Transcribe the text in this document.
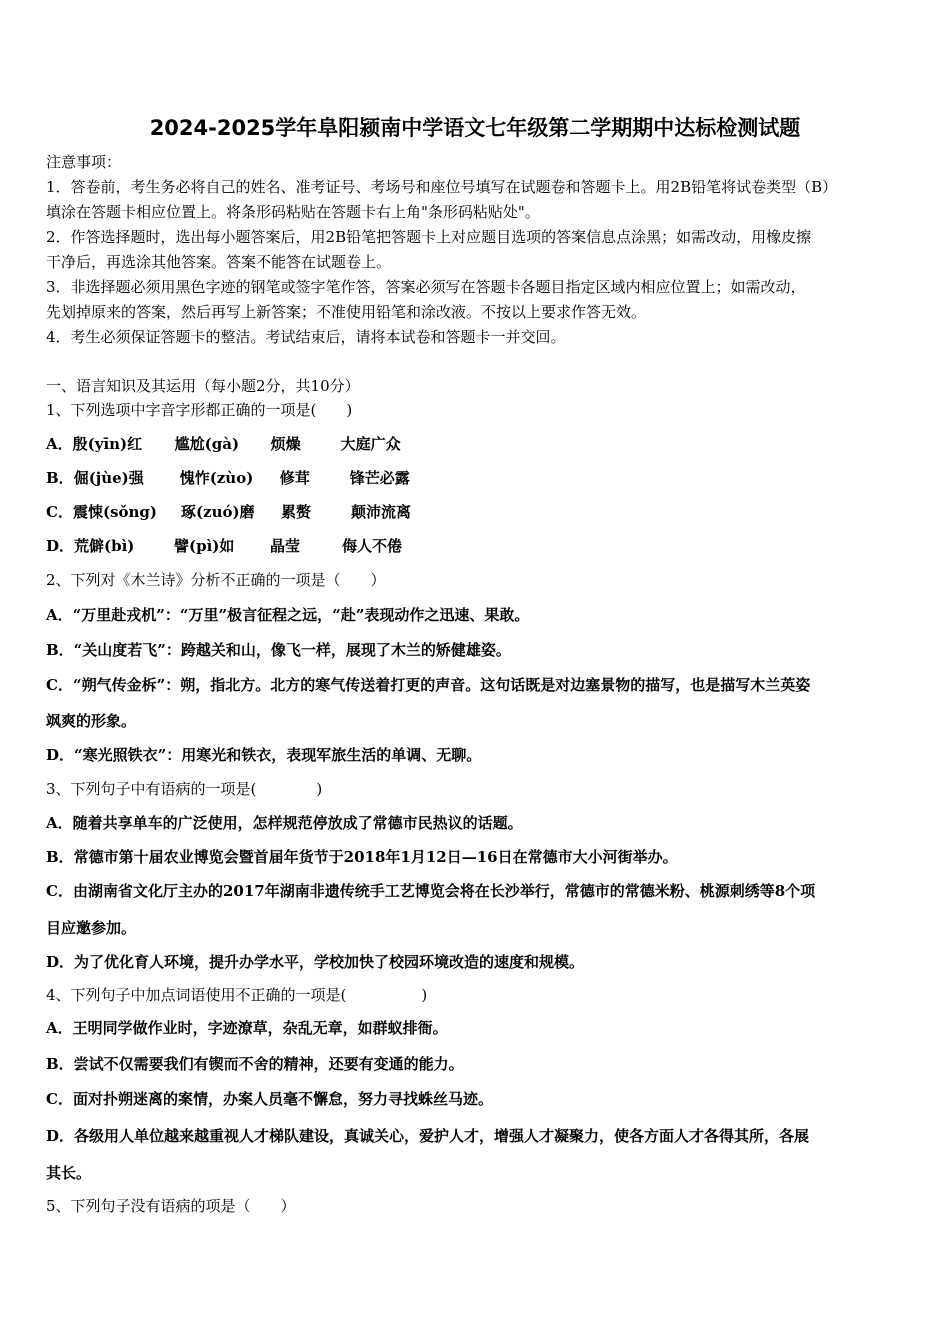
2024-2025学年阜阳颍南中学语文七年级第二学期期中达标检测试题
注意事项：
1．答卷前，考生务必将自己的姓名、准考证号、考场号和座位号填写在试题卷和答题卡上。用2B铅笔将试卷类型（B）
填涂在答题卡相应位置上。将条形码粘贴在答题卡右上角"条形码粘贴处"。
2．作答选择题时，选出每小题答案后，用2B铅笔把答题卡上对应题目选项的答案信息点涂黑；如需改动，用橡皮擦
干净后，再选涂其他答案。答案不能答在试题卷上。
3．非选择题必须用黑色字迹的钢笔或签字笔作答，答案必须写在答题卡各题目指定区域内相应位置上；如需改动，
先划掉原来的答案，然后再写上新答案；不准使用铅笔和涂改液。不按以上要求作答无效。
4．考生必须保证答题卡的整洁。考试结束后，请将本试卷和答题卡一并交回。
一、语言知识及其运用（每小题2分，共10分）
1、下列选项中字音字形都正确的一项是(　　)
A．殷(yīn)红 尴尬(gà) 烦燥	大庭广众
B．倔(jùe)强 愧怍(zùo) 修茸	锋芒必露
C．震悚(sǒng) 琢(zuó)磨 累赘	颠沛流离
D．荒僻(bì)	譬(pì)如 晶莹	侮人不倦
2、下列对《木兰诗》分析不正确的一项是（　　）
A．“万里赴戎机”：“万里”极言征程之远，“赴”表现动作之迅速、果敢。
B．“关山度若飞”：跨越关和山，像飞一样，展现了木兰的矫健雄姿。
C．“朔气传金柝”：朔，指北方。北方的寒气传送着打更的声音。这句话既是对边塞景物的描写，也是描写木兰英姿
飒爽的形象。
D．“寒光照铁衣”：用寒光和铁衣，表现军旅生活的单调、无聊。
3、下列句子中有语病的一项是(　　　　)
A．随着共享单车的广泛使用，怎样规范停放成了常德市民热议的话题。
B．常德市第十届农业博览会暨首届年货节于2018年1月12日—16日在常德市大小河街举办。
C．由湖南省文化厅主办的2017年湖南非遗传统手工艺博览会将在长沙举行，常德市的常德米粉、桃源刺绣等8个项
目应邀参加。
D．为了优化育人环境，提升办学水平，学校加快了校园环境改造的速度和规模。
4、下列句子中加点词语使用不正确的一项是(　　　　　)
A．王明同学做作业时，字迹潦草，杂乱无章，如群蚁排衙。
B．尝试不仅需要我们有锲而不舍的精神，还要有变通的能力。
C．面对扑朔迷离的案情，办案人员毫不懈怠，努力寻找蛛丝马迹。
D．各级用人单位越来越重视人才梯队建设，真诚关心，爱护人才，增强人才凝聚力，使各方面人才各得其所，各展
其长。
5、下列句子没有语病的项是（　　）
